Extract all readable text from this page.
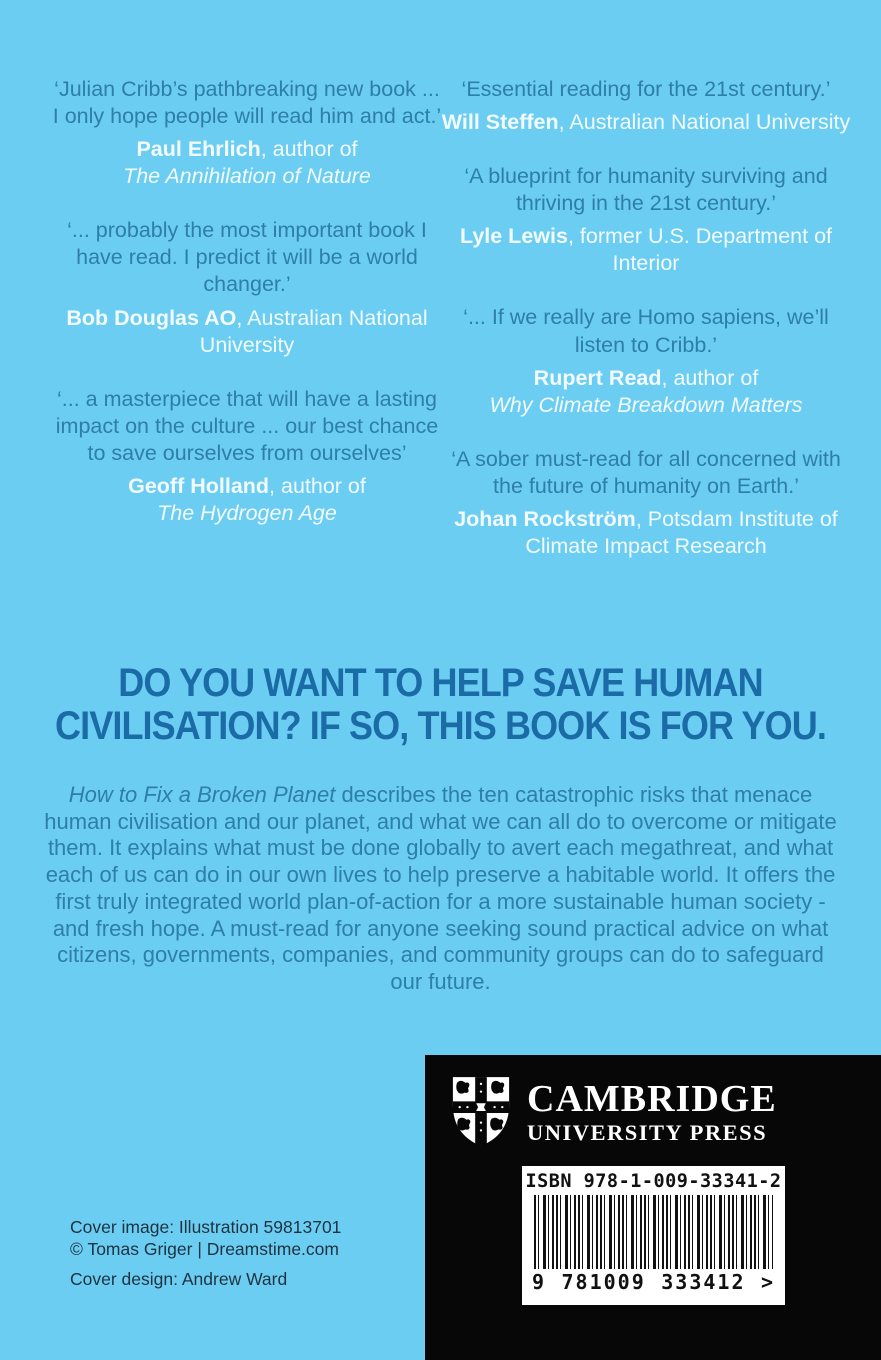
‘Julian Cribb’s pathbreaking new book ... I only hope people will read him and act.’
Paul Ehrlich, author of
The Annihilation of Nature
‘... probably the most important book I have read. I predict it will be a world changer.’
Bob Douglas AO, Australian National University
‘... a masterpiece that will have a lasting impact on the culture ... our best chance to save ourselves from ourselves’
Geoff Holland, author of
The Hydrogen Age
‘Essential reading for the 21st century.’
Will Steffen, Australian National University
‘A blueprint for humanity surviving and thriving in the 21st century.’
Lyle Lewis, former U.S. Department of Interior
‘... If we really are Homo sapiens, we’ll listen to Cribb.’
Rupert Read, author of
Why Climate Breakdown Matters
‘A sober must-read for all concerned with the future of humanity on Earth.’
Johan Rockström, Potsdam Institute of Climate Impact Research
DO YOU WANT TO HELP SAVE HUMAN
CIVILISATION? IF SO, THIS BOOK IS FOR YOU.
How to Fix a Broken Planet describes the ten catastrophic risks that menace human civilisation and our planet, and what we can all do to overcome or mitigate them. It explains what must be done globally to avert each megathreat, and what each of us can do in our own lives to help preserve a habitable world. It offers the first truly integrated world plan-of-action for a more sustainable human society - and fresh hope. A must-read for anyone seeking sound practical advice on what citizens, governments, companies, and community groups can do to safeguard our future.
CAMBRIDGE
UNIVERSITY PRESS
ISBN 978-1-009-33341-2
9 781009 333412 >
Cover image: Illustration 59813701
© Tomas Griger | Dreamstime.com
Cover design: Andrew Ward
